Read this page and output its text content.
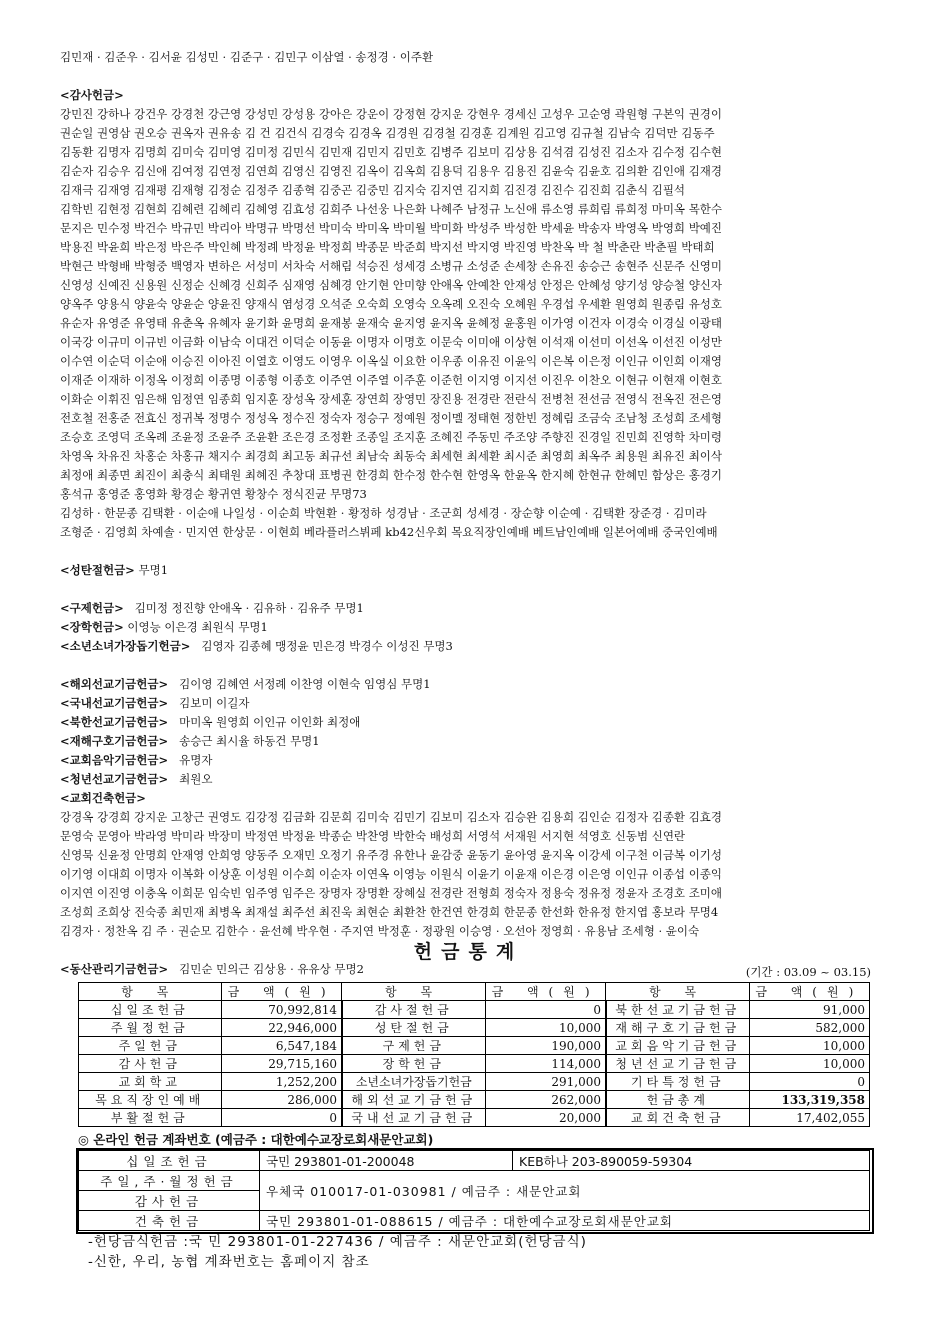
김민재 · 김준우 · 김서윤 김성민 · 김준구 · 김민구 이삼열 · 송정경 · 이주환
<감사헌금>
강민진 강하나 강건우 강경천 강근영 강성민 강성용 강아은 강운이 강정현 강지운 강현우 경세신 고성우 고순영 곽원형 구본익 권경이
권순일 권영삼 권오승 권옥자 권유송 김 건 김건식 김경숙 김경옥 김경원 김경철 김경훈 김계원 김고영 김규철 김남숙 김덕만 김동주
김동환 김명자 김명희 김미숙 김미영 김미정 김민식 김민재 김민지 김민호 김병주 김보미 김상용 김석겸 김성진 김소자 김수정 김수현
김순자 김승우 김신애 김여정 김연정 김연희 김영신 김영진 김옥이 김옥희 김용덕 김용우 김용진 김윤숙 김윤호 김의환 김인애 김재경
김재극 김재영 김재평 김재형 김정순 김정주 김종혁 김중곤 김중민 김지숙 김지연 김지희 김진경 김진수 김진희 김춘식 김필석
김학빈 김현정 김현희 김혜련 김혜리 김혜영 김효성 김희주 나선웅 나은화 나혜주 남정규 노신애 류소영 류희림 류희정 마미옥 목한수
문지은 민수정 박건수 박규민 박리아 박명규 박명선 박미숙 박미옥 박미월 박미화 박성주 박성한 박세윤 박송자 박영옥 박영희 박예진
박용진 박윤희 박은정 박은주 박인혜 박정례 박정윤 박정희 박종문 박준희 박지선 박지영 박진영 박찬옥 박 철 박춘란 박춘필 박태희
박현근 박형배 박형중 백영자 변하은 서성미 서차숙 서해림 석승진 성세경 소병규 소성준 손세창 손유진 송승근 송현주 신문주 신영미
신영성 신예진 신용원 신정순 신혜경 신희주 심재영 심혜경 안기현 안미향 안애옥 안예찬 안재성 안정은 안혜성 양기성 양승철 양신자
양옥주 양용식 양윤숙 양윤순 양윤진 양재식 염성경 오석준 오숙희 오영숙 오옥례 오진숙 오혜원 우경섭 우세환 원영희 원종림 유성호
유순자 유영준 유영태 유춘옥 유혜자 윤기화 윤명희 윤재봉 윤재숙 윤지영 윤지옥 윤혜정 윤홍원 이가영 이건자 이경숙 이경실 이광태
이국강 이규미 이규빈 이금화 이남숙 이대건 이덕순 이동윤 이명자 이명호 이문숙 이미애 이상현 이석재 이선미 이선옥 이선진 이성만
이수연 이순덕 이순애 이승진 이아진 이열호 이영도 이영우 이옥실 이요한 이우종 이유진 이윤익 이은복 이은정 이인규 이인희 이재영
이재준 이재하 이정옥 이정희 이종명 이종형 이종호 이주연 이주열 이주훈 이준헌 이지영 이지선 이진우 이찬오 이현규 이현재 이현호
이화순 이휘진 임은해 임정연 임종희 임지훈 장성옥 장세훈 장연희 장영민 장진용 전경란 전란식 전병천 전선금 전영식 전옥진 전은영
전호철 전홍준 전효신 정귀복 정명수 정성옥 정수진 정숙자 정승구 정예원 정이멜 정태현 정한빈 정혜림 조금숙 조남청 조성희 조세형
조승호 조영덕 조옥례 조윤정 조윤주 조윤환 조은경 조정환 조종일 조지훈 조혜진 주동민 주조양 주향진 진경일 진민희 진영학 차미령
차영옥 차유진 차홍순 차홍규 채지수 최경희 최고동 최규선 최남숙 최동숙 최세현 최세환 최시준 최영희 최옥주 최용원 최유진 최이삭
최정애 최종면 최진이 최충식 최태원 최혜진 추창대 표병권 한경희 한수정 한수현 한영옥 한윤옥 한지혜 한현규 한혜민 함상은 홍경기
홍석규 홍영준 홍영화 황경순 황귀연 황창수 정식진균 무명73
김성하 · 한문종 김택환 · 이순애 나일성 · 이순희 박현환 · 황정하 성경남 · 조군희 성세경 · 장순향 이순예 · 김택환 장준경 · 김미라
조형준 · 김영희 차예솔 · 민지연 한상문 · 이현희 베라플러스뷔페 kb42신우회 목요직장인예배 베트남인예배 일본어예배 중국인예배
<성탄절헌금> 무명1
<구제헌금> 김미정 정진향 안애옥 · 김유하 · 김유주 무명1
<장학헌금> 이영능 이은경 최원식 무명1
<소년소녀가장돕기헌금> 김영자 김종혜 맹정윤 민은경 박경수 이성진 무명3
<해외선교기금헌금> 김이영 김혜연 서정례 이찬영 이현숙 임영심 무명1
<국내선교기금헌금> 김보미 이길자
<북한선교기금헌금> 마미옥 원영희 이인규 이인화 최정애
<재해구호기금헌금> 송승근 최시율 하동건 무명1
<교회음악기금헌금> 유명자
<청년선교기금헌금> 최원오
<교회건축헌금>
강경옥 강경희 강지운 고창근 권영도 김강정 김금화 김문희 김미숙 김민기 김보미 김소자 김승완 김용희 김인순 김정자 김종환 김효경
문영숙 문영아 박라영 박미라 박장미 박정연 박정윤 박종순 박찬영 박한숙 배성희 서영석 서재원 서지현 석영호 신동범 신연란
신영묵 신윤정 안명희 안재영 안희영 양동주 오재민 오정기 유주경 유한나 윤감중 윤동기 윤아영 윤지옥 이강세 이구천 이금복 이기성
이기영 이대희 이명자 이복화 이상훈 이성원 이수희 이순자 이연옥 이영능 이원식 이윤기 이윤재 이은경 이은영 이인규 이종섭 이종익
이지연 이진영 이충옥 이희문 임숙빈 임주영 임주은 장명자 장명환 장혜실 전경란 전형희 정숙자 정용숙 정유정 정윤자 조경호 조미애
조성희 조희상 진숙종 최민재 최병옥 최재설 최주선 최진욱 최현순 최환찬 한건연 한경희 한문종 한선화 한유정 한지엽 홍보라 무명4
김경자 · 정찬옥 김 주 · 권순모 김한수 · 윤선혜 박우현 · 주지연 박정훈 · 정광원 이승영 · 오선아 정영희 · 유용남 조세형 · 윤이숙
<동산관리기금헌금> 김민순 민의근 김상용 · 유유상 무명2
헌금통계
(기간 : 03.09 ~ 03.15)
항 목	금 액(원)	항 목	금 액(원)	항 목	금 액(원)
십일조헌금	70,992,814	감사절헌금	0	북한선교기금헌금	91,000
주월정헌금	22,946,000	성탄절헌금	10,000	재해구호기금헌금	582,000
주일헌금	6,547,184	구제헌금	190,000	교회음악기금헌금	10,000
감사헌금	29,715,160	장학헌금	114,000	청년선교기금헌금	10,000
교회학교	1,252,200	소년소녀가장돕기헌금	291,000	기타특정헌금	0
목요직장인예배	286,000	해외선교기금헌금	262,000	헌금총계	133,319,358
부활절헌금	0	국내선교기금헌금	20,000	교회건축헌금	17,402,055
◎ 온라인 헌금 계좌번호 (예금주 : 대한예수교장로회새문안교회)
십일조헌금	국민 293801-01-200048	KEB하나 203-890059-59304
주일,주·월정헌금	우체국 010017-01-030981 / 예금주 : 새문안교회	
감사헌금		
건축헌금	국민 293801-01-088615 / 예금주 : 대한예수교장로회새문안교회	
-헌당금식헌금 :국 민 293801-01-227436 / 예금주 : 새문안교회(헌당금식)
-신한, 우리, 농협 계좌번호는 홈페이지 참조
